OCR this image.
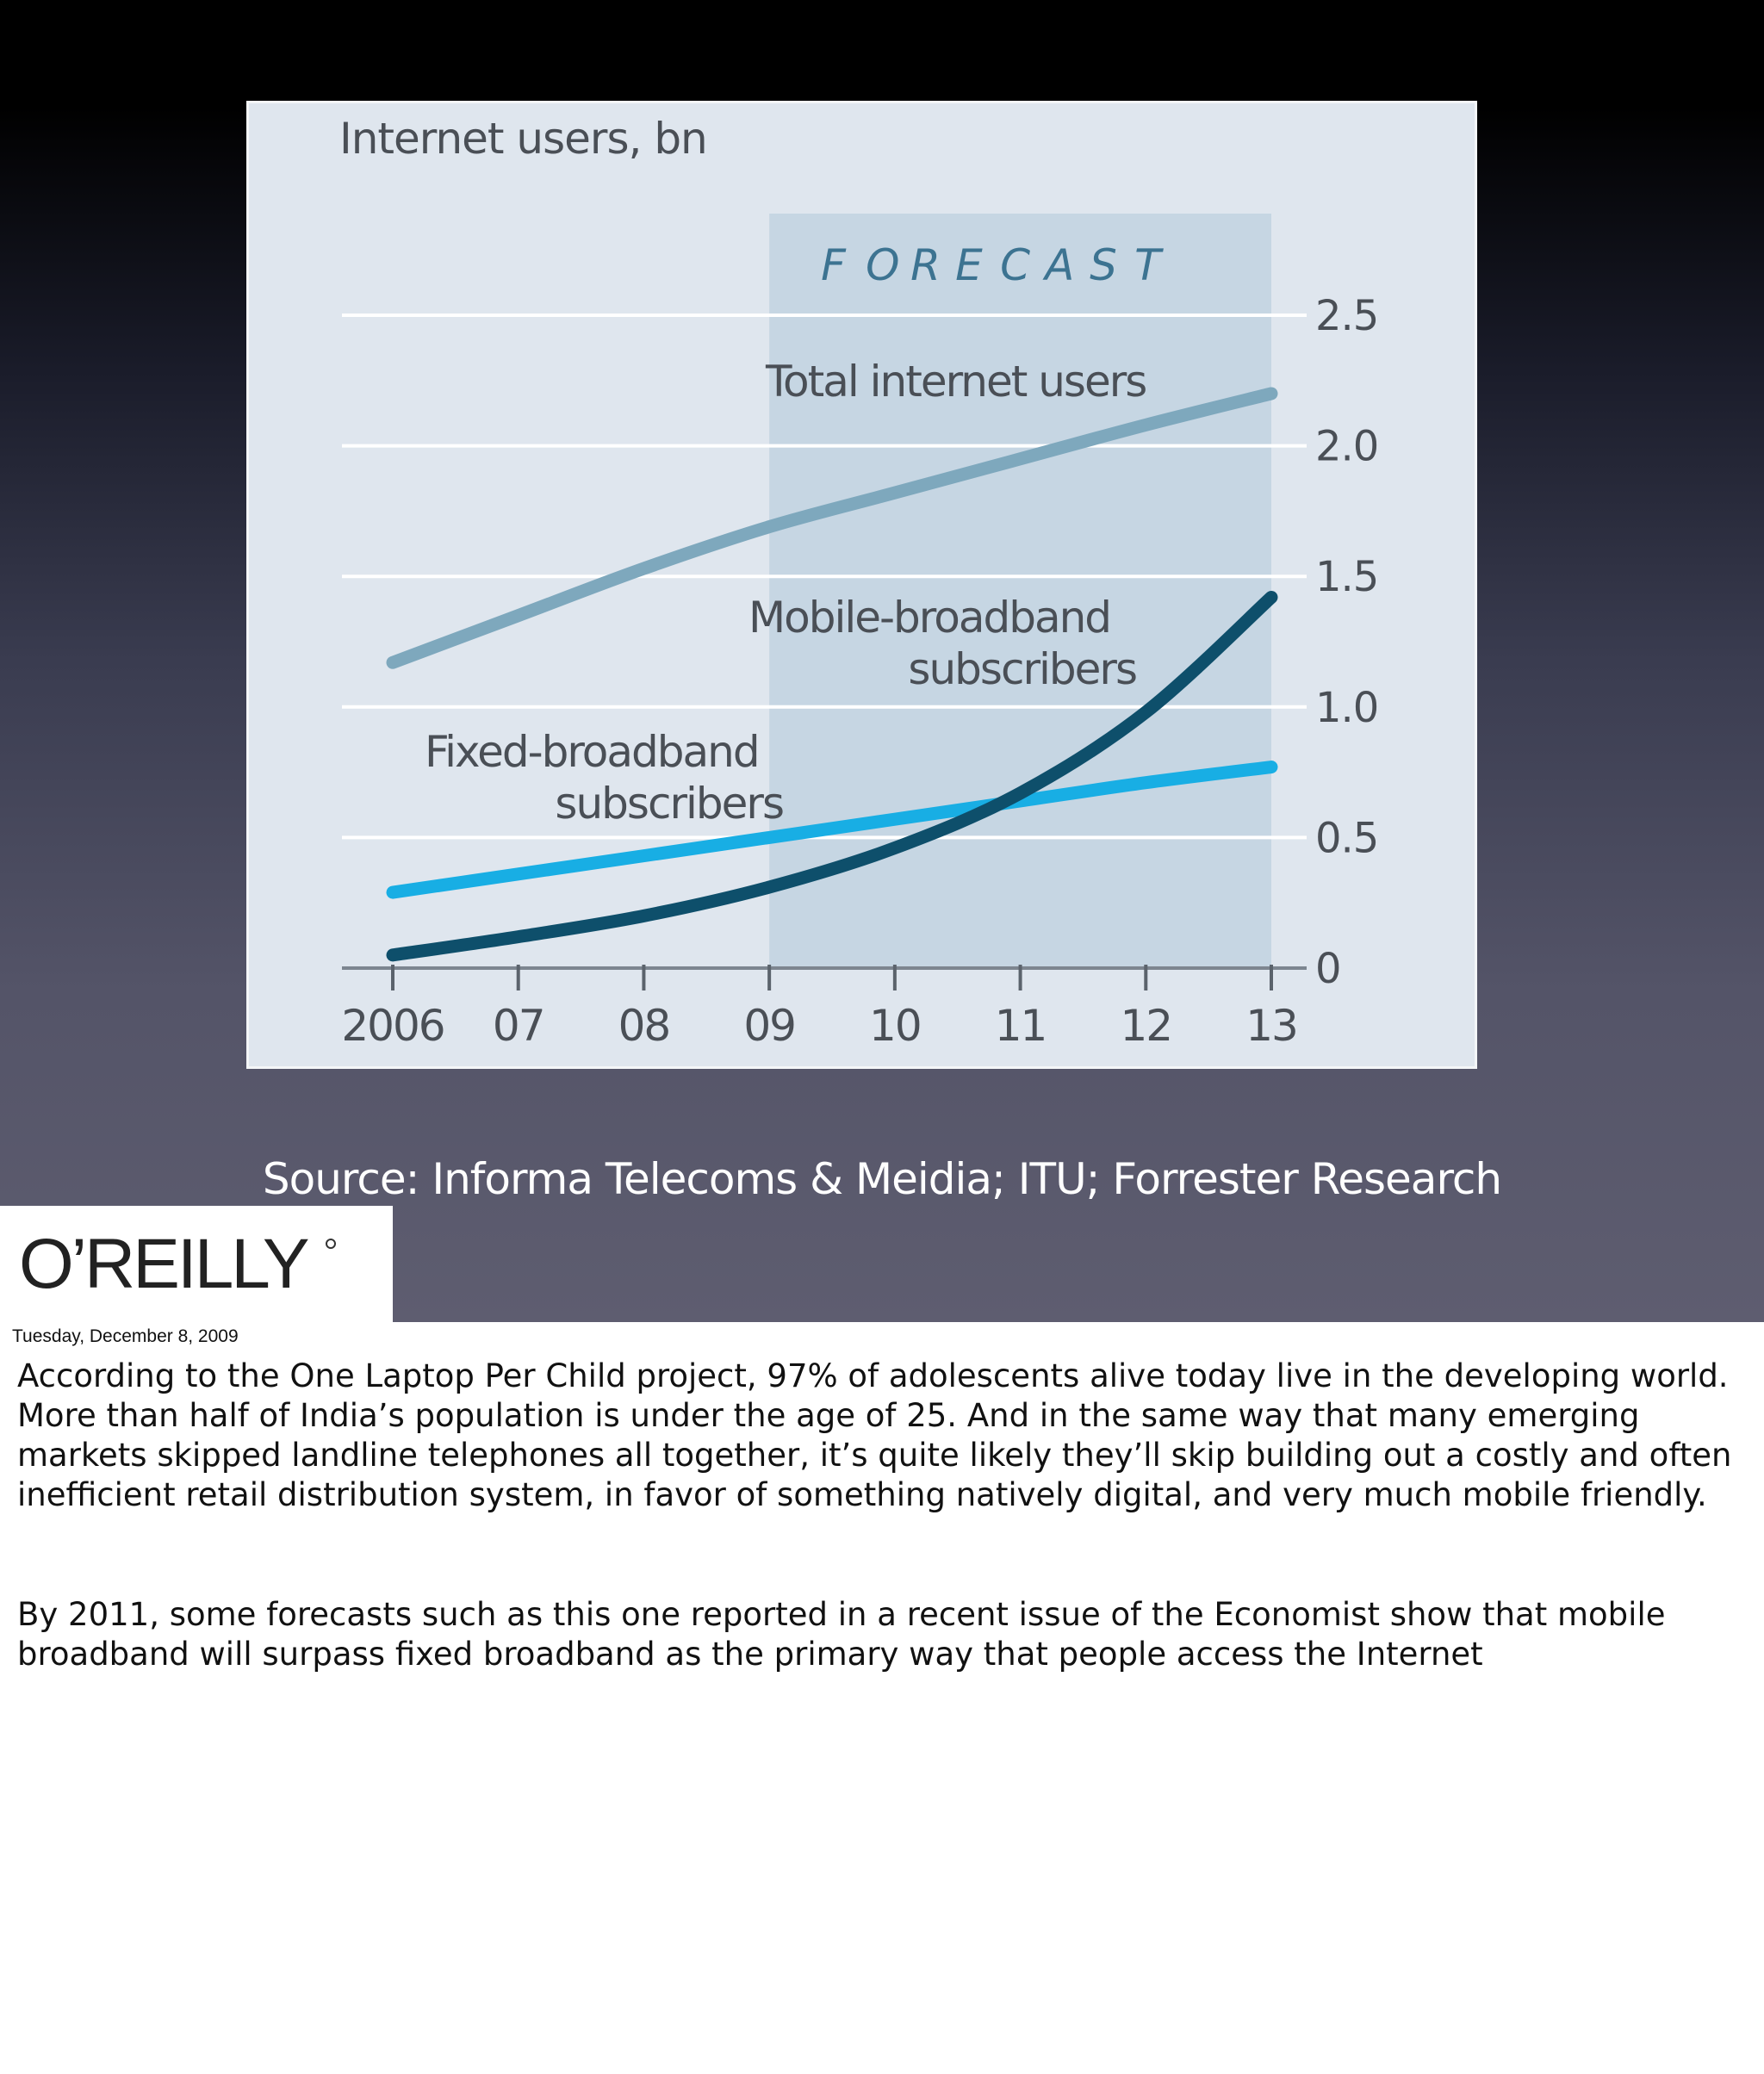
F O R E C A S T
Internet users, bn
0
0.5
1.0
1.5
2.0
2.5
2006 07 08 09 10 11 12 13
Total internet users
Mobile-broadband
subscribers
Fixed-broadband
subscribers
Source: Informa Telecoms & Meidia; ITU; Forrester Research
O’REILLY
Tuesday, December 8, 2009

According to the One Laptop Per Child project, 97% of adolescents alive today live in the developing world. More than half of India’s population is under the age of 25. And in the same way that many emerging markets skipped landline telephones all together, it’s quite likely they’ll skip building out a costly and often inefficient retail distribution system, in favor of something natively digital, and very much mobile friendly.

By 2011, some forecasts such as this one reported in a recent issue of the Economist show that mobile broadband will surpass fixed broadband as the primary way that people access the Internet
